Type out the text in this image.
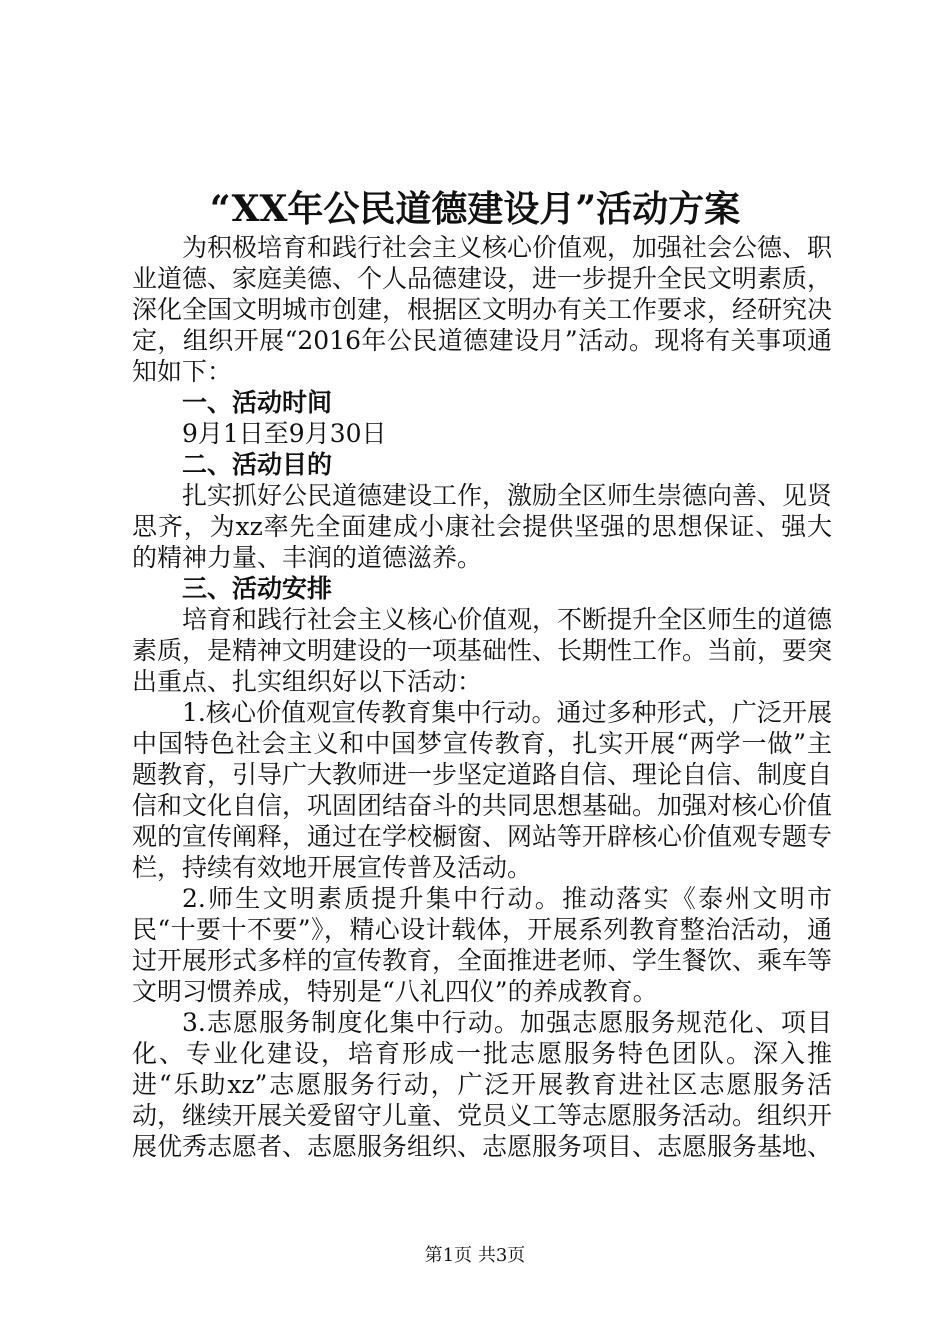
“XX年公民道德建设月”活动方案

为积极培育和践行社会主义核心价值观，加强社会公德、职业道德、家庭美德、个人品德建设，进一步提升全民文明素质，深化全国文明城市创建，根据区文明办有关工作要求，经研究决定，组织开展“2016年公民道德建设月”活动。现将有关事项通知如下：

一、活动时间

9月1日至9月30日

二、活动目的

扎实抓好公民道德建设工作，激励全区师生崇德向善、见贤思齐，为xz率先全面建成小康社会提供坚强的思想保证、强大的精神力量、丰润的道德滋养。

三、活动安排

培育和践行社会主义核心价值观，不断提升全区师生的道德素质，是精神文明建设的一项基础性、长期性工作。当前，要突出重点、扎实组织好以下活动：

1.核心价值观宣传教育集中行动。通过多种形式，广泛开展中国特色社会主义和中国梦宣传教育，扎实开展“两学一做”主题教育，引导广大教师进一步坚定道路自信、理论自信、制度自信和文化自信，巩固团结奋斗的共同思想基础。加强对核心价值观的宣传阐释，通过在学校橱窗、网站等开辟核心价值观专题专栏，持续有效地开展宣传普及活动。

2.师生文明素质提升集中行动。推动落实《泰州文明市民“十要十不要”》，精心设计载体，开展系列教育整治活动，通过开展形式多样的宣传教育，全面推进老师、学生餐饮、乘车等文明习惯养成，特别是“八礼四仪”的养成教育。

3.志愿服务制度化集中行动。加强志愿服务规范化、项目化、专业化建设，培育形成一批志愿服务特色团队。深入推进“乐助xz”志愿服务行动，广泛开展教育进社区志愿服务活动，继续开展关爱留守儿童、党员义工等志愿服务活动。组织开展优秀志愿者、志愿服务组织、志愿服务项目、志愿服务基地、

第1页 共3页
